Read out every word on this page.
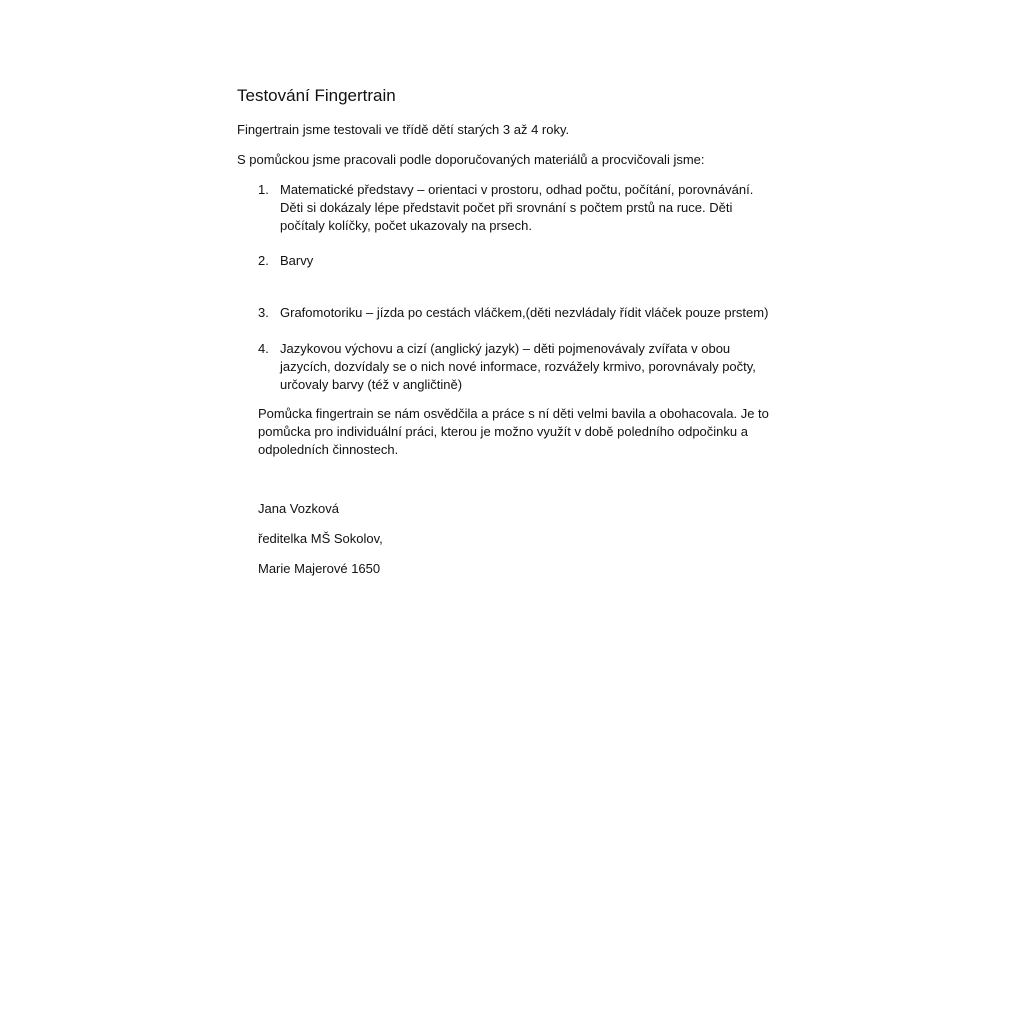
Testování Fingertrain

Fingertrain jsme testovali ve třídě dětí starých 3 až 4 roky.

S pomůckou jsme pracovali podle doporučovaných materiálů a procvičovali jsme:

1. Matematické představy – orientaci v prostoru, odhad počtu, počítání, porovnávání.
Děti si dokázaly lépe představit počet při srovnání s počtem prstů na ruce. Děti
počítaly kolíčky, počet ukazovaly na prsech.
2. Barvy
3. Grafomotoriku – jízda po cestách vláčkem,(děti nezvládaly řídit vláček pouze prstem)
4. Jazykovou výchovu a cizí (anglický jazyk) – děti pojmenovávaly zvířata v obou
jazycích, dozvídaly se o nich nové informace, rozvážely krmivo, porovnávaly počty,
určovaly barvy (též v angličtině)
Pomůcka fingertrain se nám osvědčila a práce s ní děti velmi bavila a obohacovala. Je to
pomůcka pro individuální práci, kterou je možno využít v době poledního odpočinku a
odpoledních činnostech.

Jana Vozková

ředitelka MŠ Sokolov,

Marie Majerové 1650
